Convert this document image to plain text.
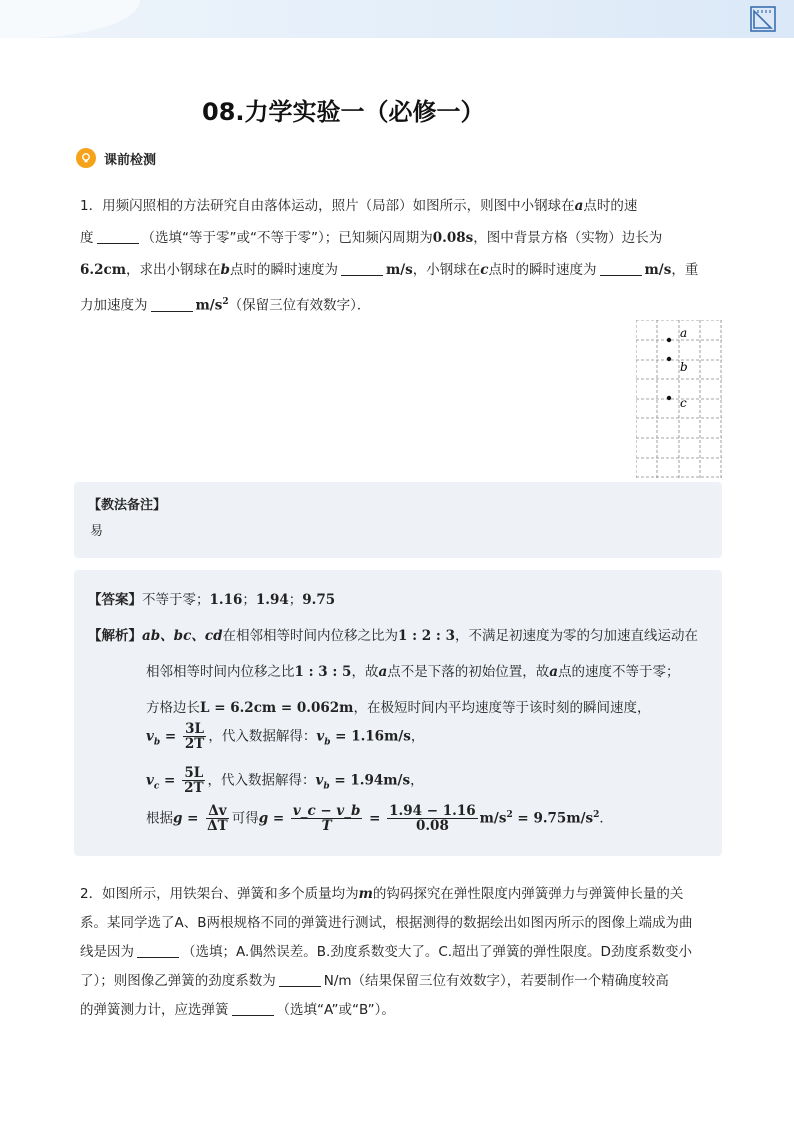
08.力学实验一（必修一）
课前检测
1．用频闪照相的方法研究自由落体运动，照片（局部）如图所示，则图中小钢球在a点时的速
度	（选填“等于零”或“不等于零”）；已知频闪周期为0.08s，图中背景方格（实物）边长为
6.2cm，求出小钢球在b点时的瞬时速度为	m/s，小钢球在c点时的瞬时速度为	m/s，重
力加速度为	$m/s^2$（保留三位有效数字）．
a
b
c
【教法备注】
易
【答案】不等于零；1.16；1.94；9.75
【解析】ab、bc、cd在相邻相等时间内位移之比为1 : 2 : 3，不满足初速度为零的匀加速直线运动在
相邻相等时间内位移之比1 : 3 : 5，故a点不是下落的初始位置，故a点的速度不等于零；
方格边长L = 6.2cm = 0.062m，在极短时间内平均速度等于该时刻的瞬间速度，
$v_b = \frac{3L}{2T}$ ，代入数据解得：$v_b = 1.16m/s$，
$v_c = \frac{5L}{2T}$ ，代入数据解得：$v_b = 1.94m/s$，
根据$g = \frac{\Delta v}{\Delta T}$ 可得$g = \frac{v\_c - v\_b}{T} = \frac{1.94 - 1.16}{0.08} m/s^2 = 9.75m/s^2$．
2．如图所示，用铁架台、弹簧和多个质量均为m的钩码探究在弹性限度内弹簧弹力与弹簧伸长量的关
系。某同学选了A、B两根规格不同的弹簧进行测试，根据测得的数据绘出如图丙所示的图像上端成为曲
线是因为	（选填；A.偶然误差。B.劲度系数变大了。C.超出了弹簧的弹性限度。D劲度系数变小
了）；则图像乙弹簧的劲度系数为	N/m（结果保留三位有效数字），若要制作一个精确度较高
的弹簧测力计，应选弹簧	（选填“A”或“B”）。
